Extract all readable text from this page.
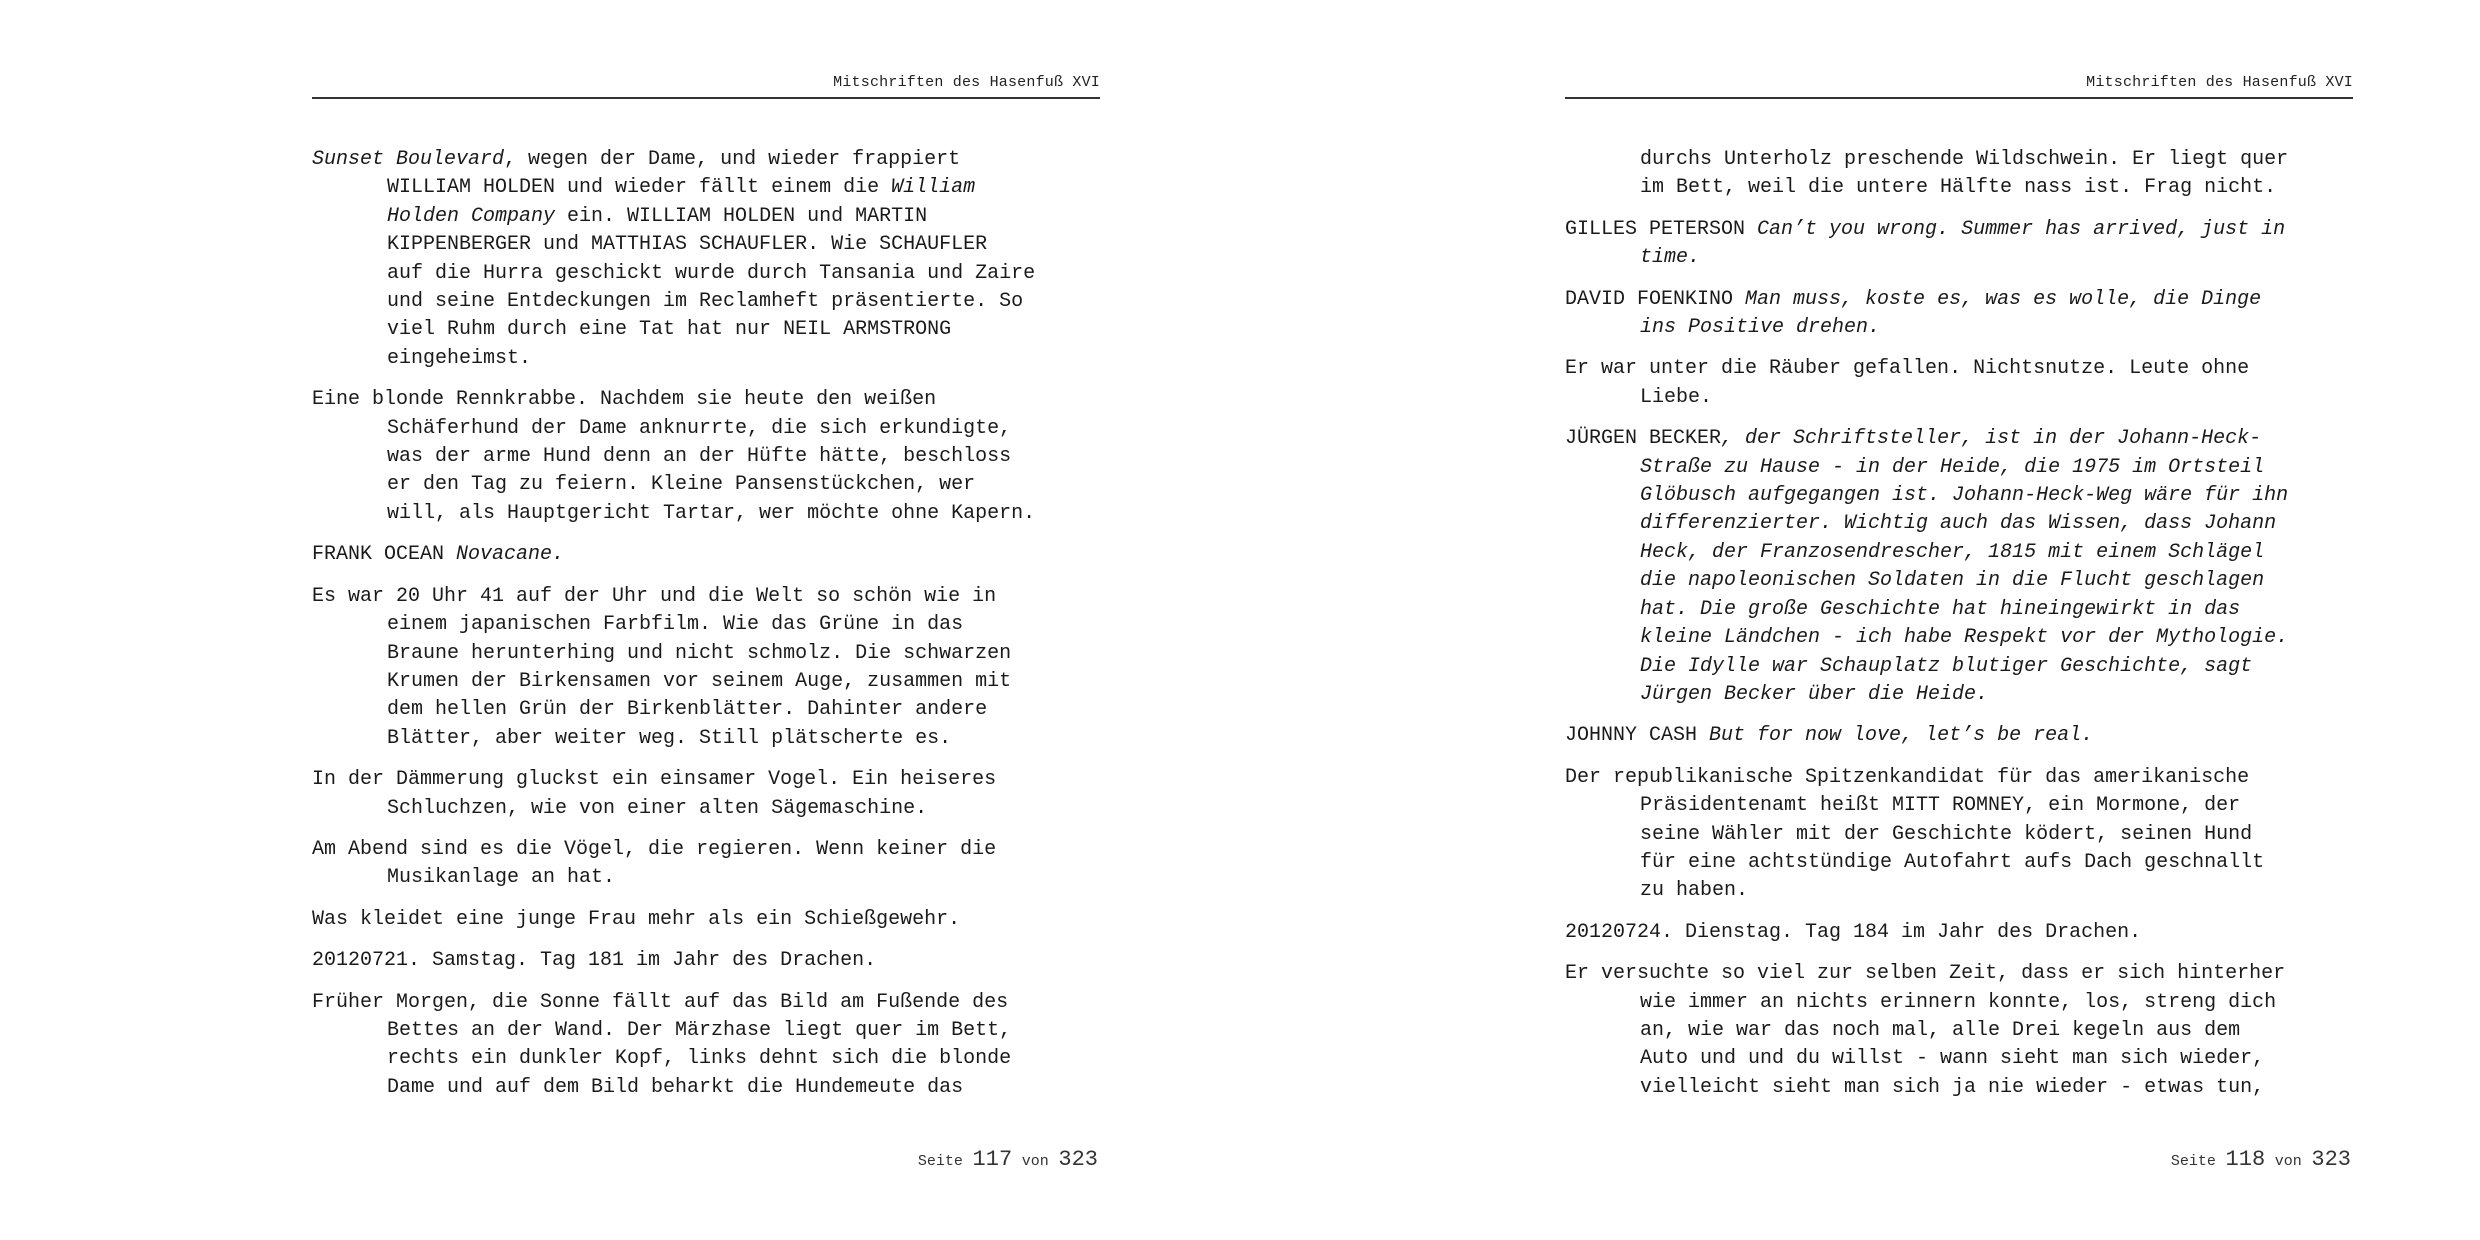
Mitschriften des Hasenfuß XVI
Sunset Boulevard, wegen der Dame, und wieder frappiert
WILLIAM HOLDEN und wieder fällt einem die William
Holden Company ein. WILLIAM HOLDEN und MARTIN
KIPPENBERGER und MATTHIAS SCHAUFLER. Wie SCHAUFLER
auf die Hurra geschickt wurde durch Tansania und Zaire
und seine Entdeckungen im Reclamheft präsentierte. So
viel Ruhm durch eine Tat hat nur NEIL ARMSTRONG
eingeheimst.
Eine blonde Rennkrabbe. Nachdem sie heute den weißen
Schäferhund der Dame anknurrte, die sich erkundigte,
was der arme Hund denn an der Hüfte hätte, beschloss
er den Tag zu feiern. Kleine Pansenstückchen, wer
will, als Hauptgericht Tartar, wer möchte ohne Kapern.
FRANK OCEAN Novacane.
Es war 20 Uhr 41 auf der Uhr und die Welt so schön wie in
einem japanischen Farbfilm. Wie das Grüne in das
Braune herunterhing und nicht schmolz. Die schwarzen
Krumen der Birkensamen vor seinem Auge, zusammen mit
dem hellen Grün der Birkenblätter. Dahinter andere
Blätter, aber weiter weg. Still plätscherte es.
In der Dämmerung gluckst ein einsamer Vogel. Ein heiseres
Schluchzen, wie von einer alten Sägemaschine.
Am Abend sind es die Vögel, die regieren. Wenn keiner die
Musikanlage an hat.
Was kleidet eine junge Frau mehr als ein Schießgewehr.
20120721. Samstag. Tag 181 im Jahr des Drachen.
Früher Morgen, die Sonne fällt auf das Bild am Fußende des
Bettes an der Wand. Der Märzhase liegt quer im Bett,
rechts ein dunkler Kopf, links dehnt sich die blonde
Dame und auf dem Bild beharkt die Hundemeute das
Seite 117 von 323
Mitschriften des Hasenfuß XVI
durchs Unterholz preschende Wildschwein. Er liegt quer
im Bett, weil die untere Hälfte nass ist. Frag nicht.
GILLES PETERSON Can’t you wrong. Summer has arrived, just in
time.
DAVID FOENKINO Man muss, koste es, was es wolle, die Dinge
ins Positive drehen.
Er war unter die Räuber gefallen. Nichtsnutze. Leute ohne
Liebe.
JÜRGEN BECKER, der Schriftsteller, ist in der Johann-Heck-
Straße zu Hause - in der Heide, die 1975 im Ortsteil
Glöbusch aufgegangen ist. Johann-Heck-Weg wäre für ihn
differenzierter. Wichtig auch das Wissen, dass Johann
Heck, der Franzosendrescher, 1815 mit einem Schlägel
die napoleonischen Soldaten in die Flucht geschlagen
hat. Die große Geschichte hat hineingewirkt in das
kleine Ländchen - ich habe Respekt vor der Mythologie.
Die Idylle war Schauplatz blutiger Geschichte, sagt
Jürgen Becker über die Heide.
JOHNNY CASH But for now love, let’s be real.
Der republikanische Spitzenkandidat für das amerikanische
Präsidentenamt heißt MITT ROMNEY, ein Mormone, der
seine Wähler mit der Geschichte ködert, seinen Hund
für eine achtstündige Autofahrt aufs Dach geschnallt
zu haben.
20120724. Dienstag. Tag 184 im Jahr des Drachen.
Er versuchte so viel zur selben Zeit, dass er sich hinterher
wie immer an nichts erinnern konnte, los, streng dich
an, wie war das noch mal, alle Drei kegeln aus dem
Auto und und du willst - wann sieht man sich wieder,
vielleicht sieht man sich ja nie wieder - etwas tun,
Seite 118 von 323
